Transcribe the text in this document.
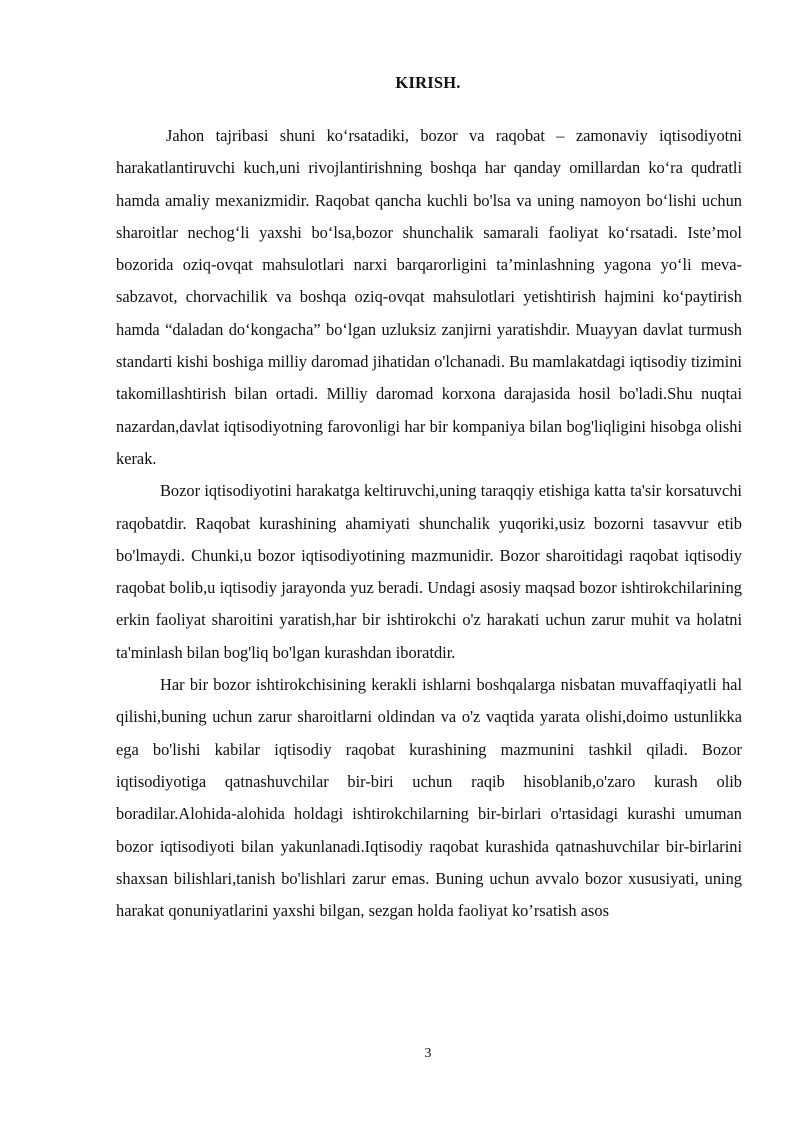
KIRISH.

Jahon tajribasi shuni koʻrsatadiki, bozor va raqobat – zamonaviy iqtisodiyotni harakatlantiruvchi kuch,uni rivojlantirishning boshqa har qanday omillardan koʻra qudratli hamda amaliy mexanizmidir. Raqobat qancha kuchli bo'lsa va uning namoyon boʻlishi uchun sharoitlar nechogʻli yaxshi boʻlsa,bozor shunchalik samarali faoliyat koʻrsatadi. Iste’mol bozorida oziq-ovqat mahsulotlari narxi barqarorligini ta’minlashning yagona yoʻli meva-sabzavot, chorvachilik va boshqa oziq-ovqat mahsulotlari yetishtirish hajmini koʻpaytirish hamda “daladan doʻkongacha” boʻlgan uzluksiz zanjirni yaratishdir. Muayyan davlat turmush standarti kishi boshiga milliy daromad jihatidan o'lchanadi. Bu mamlakatdagi iqtisodiy tizimini takomillashtirish bilan ortadi. Milliy daromad korxona darajasida hosil bo'ladi.Shu nuqtai nazardan,davlat iqtisodiyotning farovonligi har bir kompaniya bilan bog'liqligini hisobga olishi kerak.

Bozor iqtisodiyotini harakatga keltiruvchi,uning taraqqiy etishiga katta ta'sir korsatuvchi raqobatdir. Raqobat kurashining ahamiyati shunchalik yuqoriki,usiz bozorni tasavvur etib bo'lmaydi. Chunki,u bozor iqtisodiyotining mazmunidir. Bozor sharoitidagi raqobat iqtisodiy raqobat bolib,u iqtisodiy jarayonda yuz beradi. Undagi asosiy maqsad bozor ishtirokchilarining erkin faoliyat sharoitini yaratish,har bir ishtirokchi o'z harakati uchun zarur muhit va holatni ta'minlash bilan bog'liq bo'lgan kurashdan iboratdir.

Har bir bozor ishtirokchisining kerakli ishlarni boshqalarga nisbatan muvaffaqiyatli hal qilishi,buning uchun zarur sharoitlarni oldindan va o'z vaqtida yarata olishi,doimo ustunlikka ega bo'lishi kabilar iqtisodiy raqobat kurashining mazmunini tashkil qiladi. Bozor iqtisodiyotiga qatnashuvchilar bir-biri uchun raqib hisoblanib,o'zaro kurash olib boradilar.Alohida-alohida holdagi ishtirokchilarning bir-birlari o'rtasidagi kurashi umuman bozor iqtisodiyoti bilan yakunlanadi.Iqtisodiy raqobat kurashida qatnashuvchilar bir-birlarini shaxsan bilishlari,tanish bo'lishlari zarur emas. Buning uchun avvalo bozor xususiyati, uning harakat qonuniyatlarini yaxshi bilgan, sezgan holda faoliyat ko’rsatish asos

3
